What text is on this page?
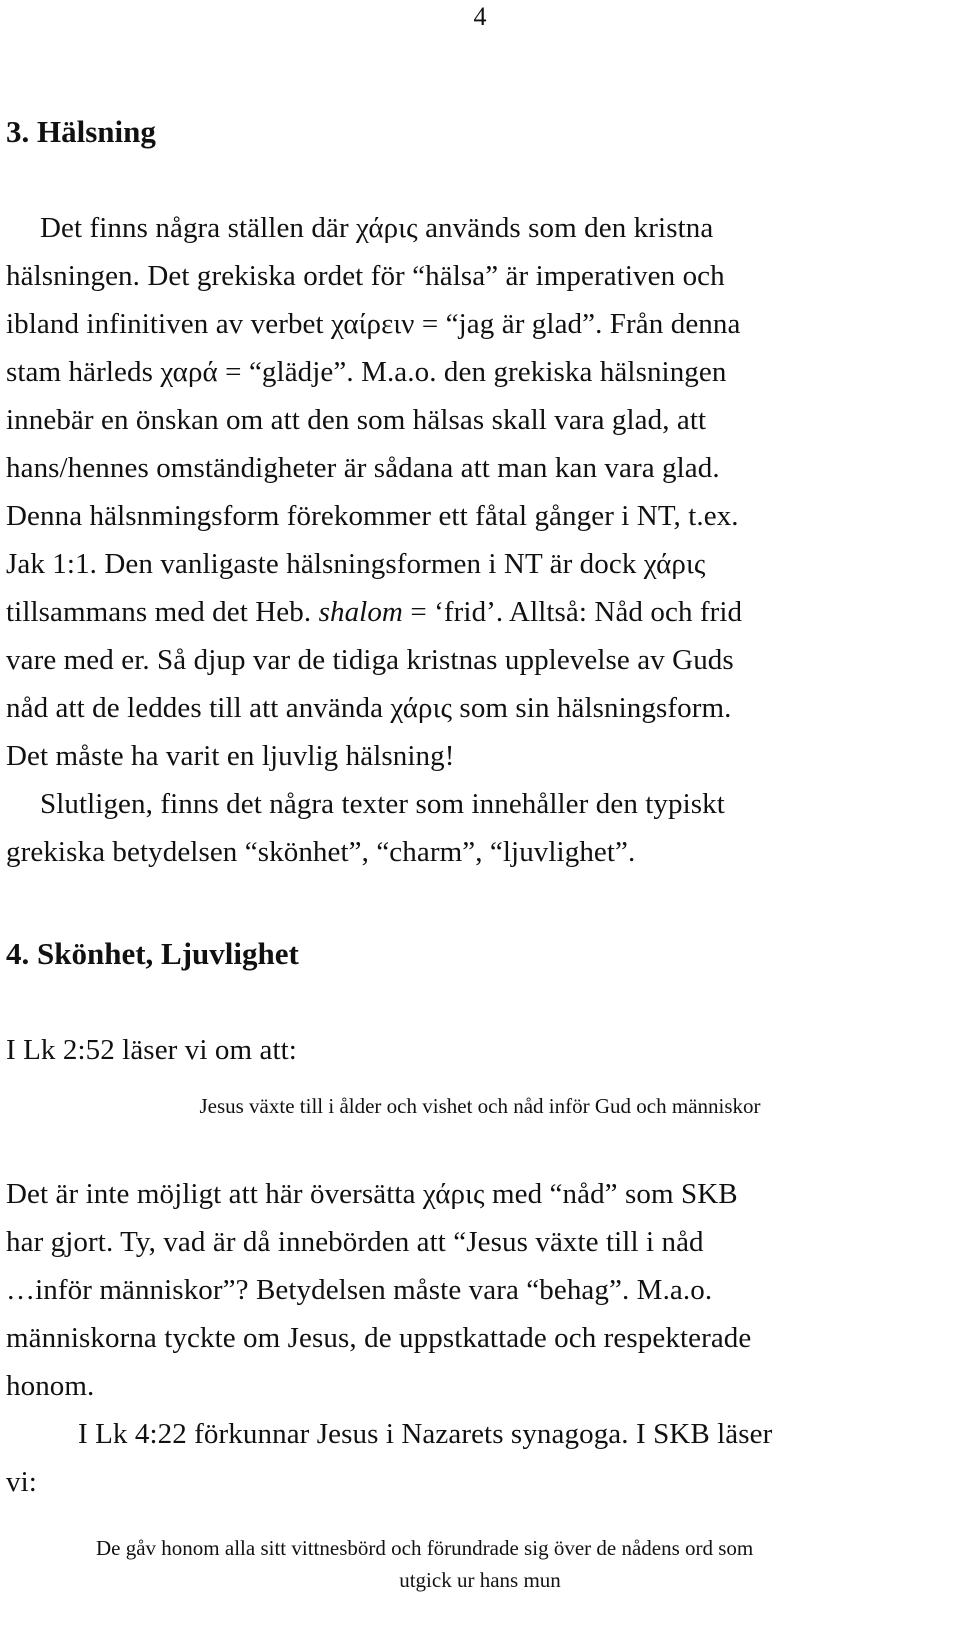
4
3. Hälsning
Det finns några ställen där χάρις används som den kristna
hälsningen. Det grekiska ordet för “hälsa” är imperativen och
ibland infinitiven av verbet χαίρειν = “jag är glad”. Från denna
stam härleds χαρά = “glädje”. M.a.o. den grekiska hälsningen
innebär en önskan om att den som hälsas skall vara glad, att
hans/hennes omständigheter är sådana att man kan vara glad.
Denna hälsnmingsform förekommer ett fåtal gånger i NT, t.ex.
Jak 1:1. Den vanligaste hälsningsformen i NT är dock χάρις
tillsammans med det Heb. shalom = ‘frid’. Alltså: Nåd och frid
vare med er. Så djup var de tidiga kristnas upplevelse av Guds
nåd att de leddes till att använda χάρις som sin hälsningsform.
Det måste ha varit en ljuvlig hälsning!
Slutligen, finns det några texter som innehåller den typiskt
grekiska betydelsen “skönhet”, “charm”, “ljuvlighet”.
4. Skönhet, Ljuvlighet
I Lk 2:52 läser vi om att:
Jesus växte till i ålder och vishet och nåd inför Gud och människor
Det är inte möjligt att här översätta χάρις med “nåd” som SKB
har gjort. Ty, vad är då innebörden att “Jesus växte till i nåd
…inför människor”? Betydelsen måste vara “behag”. M.a.o.
människorna tyckte om Jesus, de uppstkattade och respekterade
honom.
I Lk 4:22 förkunnar Jesus i Nazarets synagoga. I SKB läser
vi:
De gåv honom alla sitt vittnesbörd och förundrade sig över de nådens ord som
utgick ur hans mun
